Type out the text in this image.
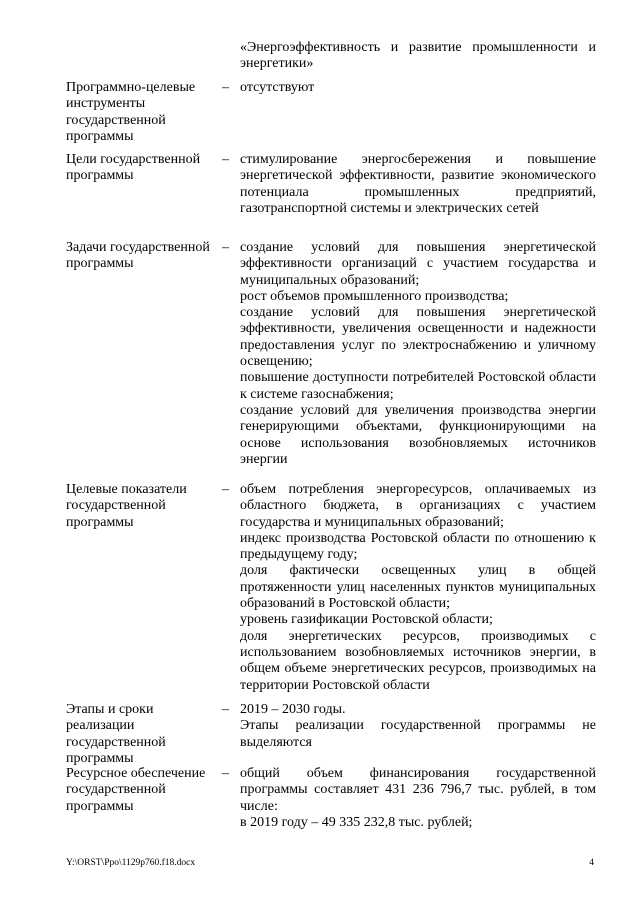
«Энергоэффективность и развитие промышленности и энергетики»

Программно-целевые инструменты государственной программы
– отсутствуют

Цели государственной программы
– стимулирование энергосбережения и повышение энергетической эффективности, развитие экономического потенциала промышленных предприятий, газотранспортной системы и электрических сетей

Задачи государственной программы
– создание условий для повышения энергетической эффективности организаций с участием государства и муниципальных образований;

рост объемов промышленного производства;

создание условий для повышения энергетической эффективности, увеличения освещенности и надежности предоставления услуг по электроснабжению и уличному освещению;

повышение доступности потребителей Ростовской области к системе газоснабжения;

создание условий для увеличения производства энергии генерирующими объектами, функционирующими на основе использования возобновляемых источников энергии

Целевые показатели государственной программы
– объем потребления энергоресурсов, оплачиваемых из областного бюджета, в организациях с участием государства и муниципальных образований;

индекс производства Ростовской области по отношению к предыдущему году;

доля фактически освещенных улиц в общей протяженности улиц населенных пунктов муниципальных образований в Ростовской области;

уровень газификации Ростовской области;

доля энергетических ресурсов, производимых с использованием возобновляемых источников энергии, в общем объеме энергетических ресурсов, производимых на территории Ростовской области

Этапы и сроки реализации государственной программы
– 2019 – 2030 годы.

Этапы реализации государственной программы не выделяются

Ресурсное обеспечение государственной программы
– общий объем финансирования государственной программы составляет 431 236 796,7 тыс. рублей, в том числе:

в 2019 году – 49 335 232,8 тыс. рублей;

Y:\ORST\Ppo\1129p760.f18.docx	4
